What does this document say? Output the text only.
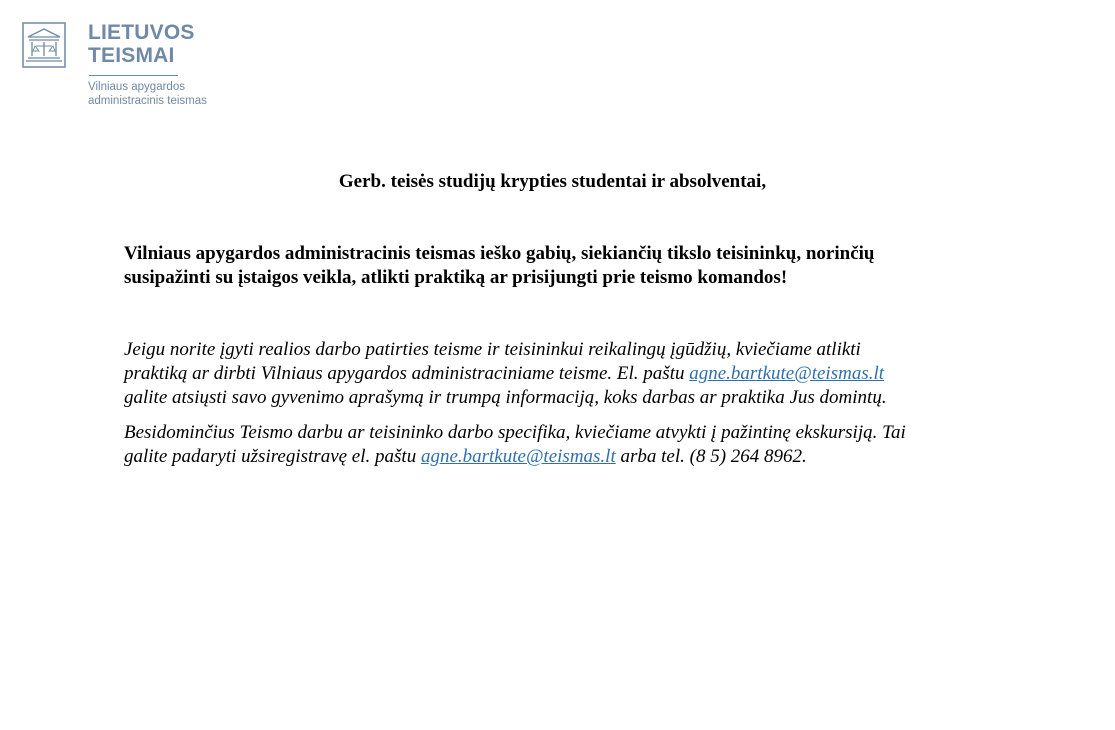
LIETUVOS
TEISMAI
Vilniaus apygardos
administracinis teismas
Gerb. teisės studijų krypties studentai ir absolventai,
Vilniaus apygardos administracinis teismas ieško gabių, siekiančių tikslo teisininkų, norinčių
susipažinti su įstaigos veikla, atlikti praktiką ar prisijungti prie teismo komandos!
Jeigu norite įgyti realios darbo patirties teisme ir teisininkui reikalingų įgūdžių, kviečiame atlikti
praktiką ar dirbti Vilniaus apygardos administraciniame teisme. El. paštu agne.bartkute@teismas.lt
galite atsiųsti savo gyvenimo aprašymą ir trumpą informaciją, koks darbas ar praktika Jus domintų.
Besidominčius Teismo darbu ar teisininko darbo specifika, kviečiame atvykti į pažintinę ekskursiją. Tai
galite padaryti užsiregistravę el. paštu agne.bartkute@teismas.lt arba tel. (8 5) 264 8962.
